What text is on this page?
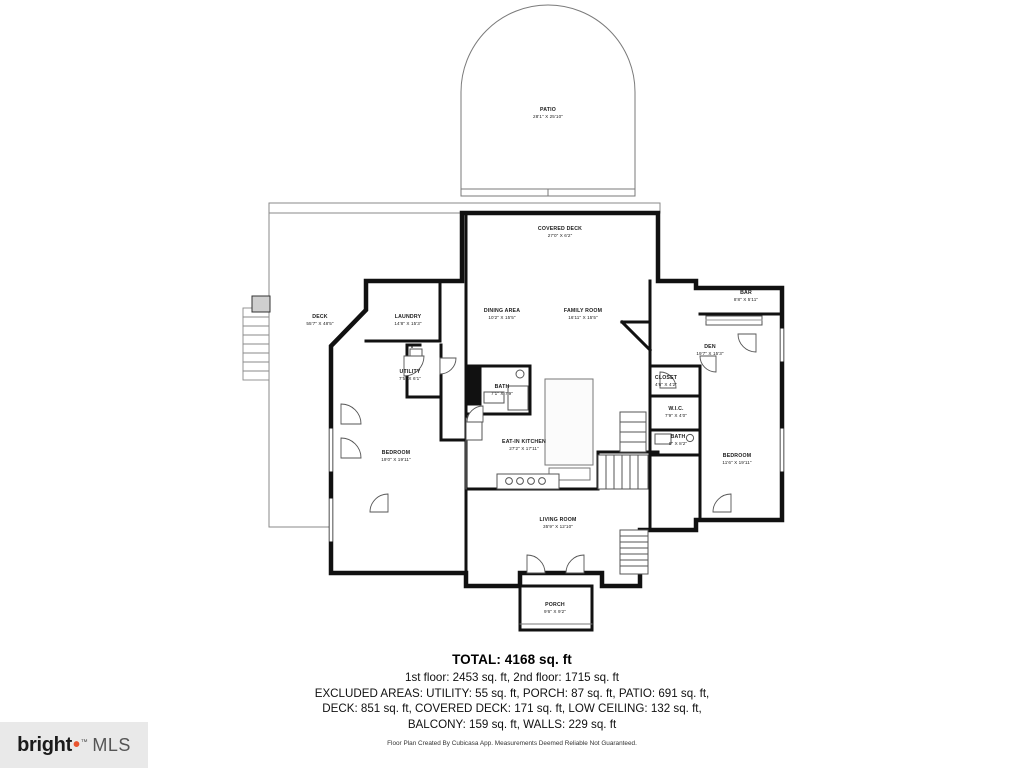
PATIO
28'1" X 25'10"
COVERED DECK
27'0" X 6'2"
DECK
55'7" X 48'5"
LAUNDRY
14'8" X 15'3"
DINING AREA
10'2" X 15'5"
FAMILY ROOM
16'11" X 15'5"
BAR
8'8" X 5'11"
DEN
19'7" X 15'3"
UTILITY
7'5" X 6'1"
BATH
7'1" X 7'9"
CLOSET
4'6" X 4'2"
W.I.C.
7'9" X 4'0"
BATH
9" X 8'2"
EAT-IN KITCHEN
27'2" X 17'11"
BEDROOM
19'0" X 19'11"	BEDROOM
11'6" X 19'11"
LIVING ROOM
35'9" X 12'10"
PORCH
9'6" X 9'2"
TOTAL: 4168 sq. ft
1st floor: 2453 sq. ft, 2nd floor: 1715 sq. ft
EXCLUDED AREAS: UTILITY: 55 sq. ft, PORCH: 87 sq. ft, PATIO: 691 sq. ft,
DECK: 851 sq. ft, COVERED DECK: 171 sq. ft, LOW CEILING: 132 sq. ft,
BALCONY: 159 sq. ft, WALLS: 229 sq. ft
Floor Plan Created By Cubicasa App. Measurements Deemed Reliable Not Guaranteed.
bright • ™ MLS
